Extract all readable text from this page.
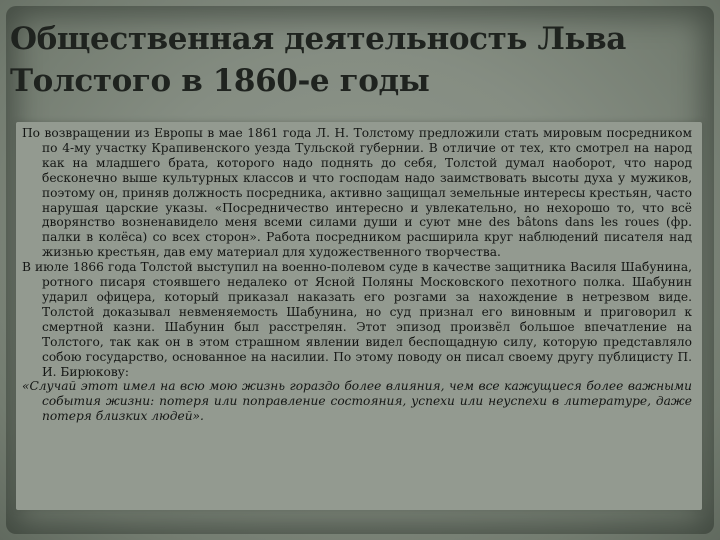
Общественная деятельность Льва
Толстого в 1860-е годы

По возвращении из Европы в мае 1861 года Л. Н. Толстому предложили стать мировым посредником по 4-му участку Крапивенского уезда Тульской губернии. В отличие от тех, кто смотрел на народ как на младшего брата, которого надо поднять до себя, Толстой думал наоборот, что народ бесконечно выше культурных классов и что господам надо заимствовать высоты духа у мужиков, поэтому он, приняв должность посредника, активно защищал земельные интересы крестьян, часто нарушая царские указы. «Посредничество интересно и увлекательно, но нехорошо то, что всё дворянство возненавидело меня всеми силами души и суют мне des bâtons dans les roues (фр. палки в колёса) со всех сторон». Работа посредником расширила круг наблюдений писателя над жизнью крестьян, дав ему материал для художественного творчества.

В июле 1866 года Толстой выступил на военно-полевом суде в качестве защитника Василя Шабунина, ротного писаря стоявшего недалеко от Ясной Поляны Московского пехотного полка. Шабунин ударил офицера, который приказал наказать его розгами за нахождение в нетрезвом виде. Толстой доказывал невменяемость Шабунина, но суд признал его виновным и приговорил к смертной казни. Шабунин был расстрелян. Этот эпизод произвёл большое впечатление на Толстого, так как он в этом страшном явлении видел беспощадную силу, которую представляло собою государство, основанное на насилии. По этому поводу он писал своему другу публицисту П. И. Бирюкову:

«Случай этот имел на всю мою жизнь гораздо более влияния, чем все кажущиеся более важными события жизни: потеря или поправление состояния, успехи или неуспехи в литературе, даже потеря близких людей».
